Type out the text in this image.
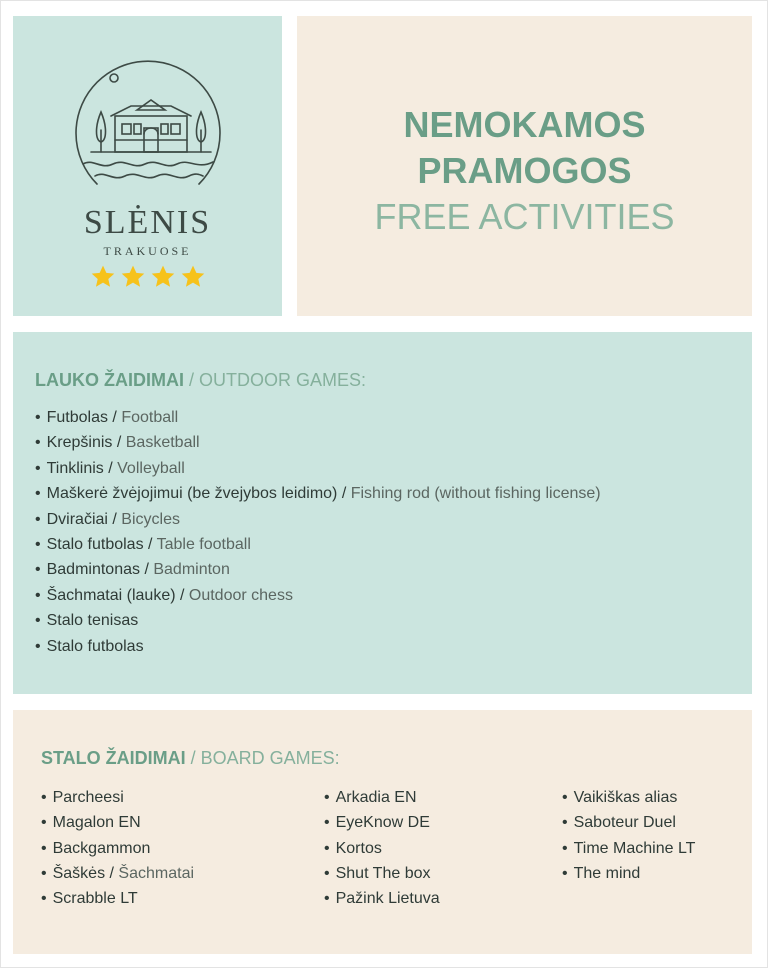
SLĖNIS
TRAKUOSE
NEMOKAMOS
PRAMOGOS
FREE ACTIVITIES
LAUKO ŽAIDIMAI / OUTDOOR GAMES:
• Futbolas / Football
• Krepšinis / Basketball
• Tinklinis / Volleyball
• Maškerė žvėjojimui (be žvejybos leidimo) / Fishing rod (without fishing license)
• Dviračiai / Bicycles
• Stalo futbolas / Table football
• Badmintonas / Badminton
• Šachmatai (lauke) / Outdoor chess
• Stalo tenisas
• Stalo futbolas
STALO ŽAIDIMAI / BOARD GAMES:
• Parcheesi
• Magalon EN
• Backgammon
• Šaškės / Šachmatai
• Scrabble LT
• Arkadia EN
• EyeKnow DE
• Kortos
• Shut The box
• Pažink Lietuva
• Vaikiškas alias
• Saboteur Duel
• Time Machine LT
• The mind
